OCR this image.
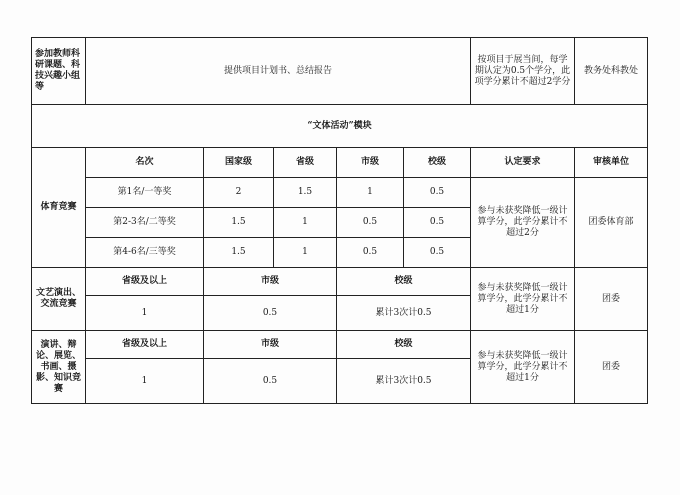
参加教师科研课题、科技兴趣小组等	提供项目计划书、总结报告					按项目于展当间，每学期认定为0.5个学分，此项学分累计不超过2学分	教务处科教处
“文体活动”模块							
体育竞赛	名次	国家级	省级	市级	校级	认定要求	审核单位
	第1名/一等奖	2	1.5	1	0.5	参与未获奖降低一级计算学分，此学分累计不超过2分	团委体育部
	第2-3名/二等奖	1.5	1	0.5	0.5		
	第4-6名/三等奖	1.5	1	0.5	0.5		
文艺演出、交流竞赛	省级及以上	市级		校级		参与未获奖降低一级计算学分，此学分累计不超过1分	团委
	1	0.5		累计3次计0.5			
演讲、辩论、展览、书画、摄影、知识竞赛	省级及以上	市级		校级		参与未获奖降低一级计算学分，此学分累计不超过1分	团委
	1	0.5		累计3次计0.5			
